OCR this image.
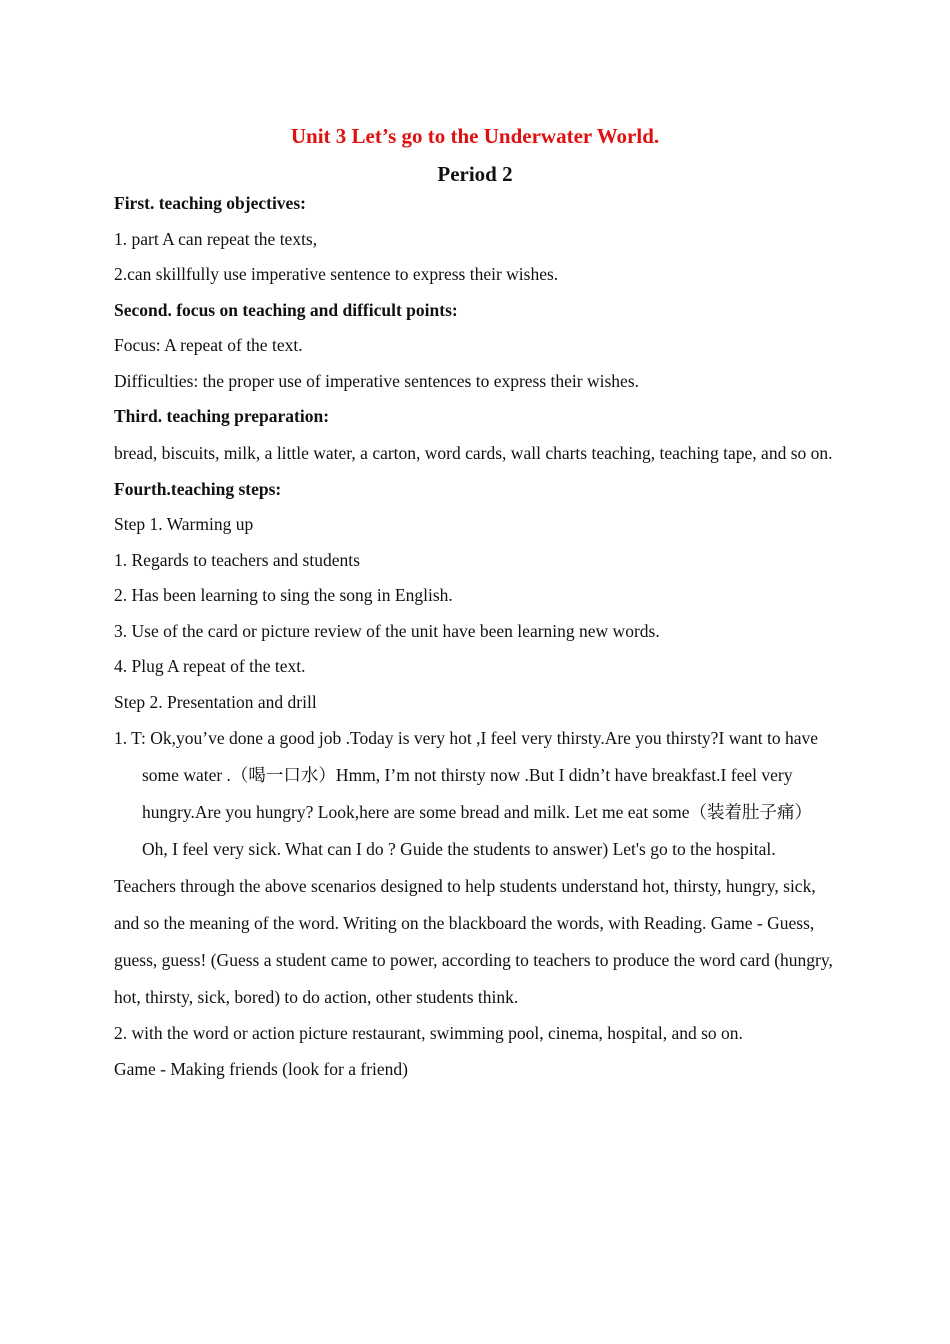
Unit 3 Let’s go to the Underwater World.
Period 2
First. teaching objectives:
1. part A can repeat the texts,
2.can skillfully use imperative sentence to express their wishes.
Second. focus on teaching and difficult points:
Focus: A repeat of the text.
Difficulties: the proper use of imperative sentences to express their wishes.
Third. teaching preparation:
bread, biscuits, milk, a little water, a carton, word cards, wall charts teaching, teaching tape, and so on.
Fourth.teaching steps:
Step 1. Warming up
1. Regards to teachers and students
2. Has been learning to sing the song in English.
3. Use of the card or picture review of the unit have been learning new words.
4. Plug A repeat of the text.
Step 2. Presentation and drill
1. T: Ok,you’ve done a good job .Today is very hot ,I feel very thirsty.Are you thirsty?I want to have some water .（喝一口水）Hmm, I’m not thirsty now .But I didn’t have breakfast.I feel very hungry.Are you hungry? Look,here are some bread and milk. Let me eat some（装着肚子痛）Oh, I feel very sick. What can I do ? Guide the students to answer) Let's go to the hospital.
Teachers through the above scenarios designed to help students understand hot, thirsty, hungry, sick, and so the meaning of the word. Writing on the blackboard the words, with Reading. Game - Guess, guess, guess! (Guess a student came to power, according to teachers to produce the word card (hungry, hot, thirsty, sick, bored) to do action, other students think.
2. with the word or action picture restaurant, swimming pool, cinema, hospital, and so on.
Game - Making friends (look for a friend)
